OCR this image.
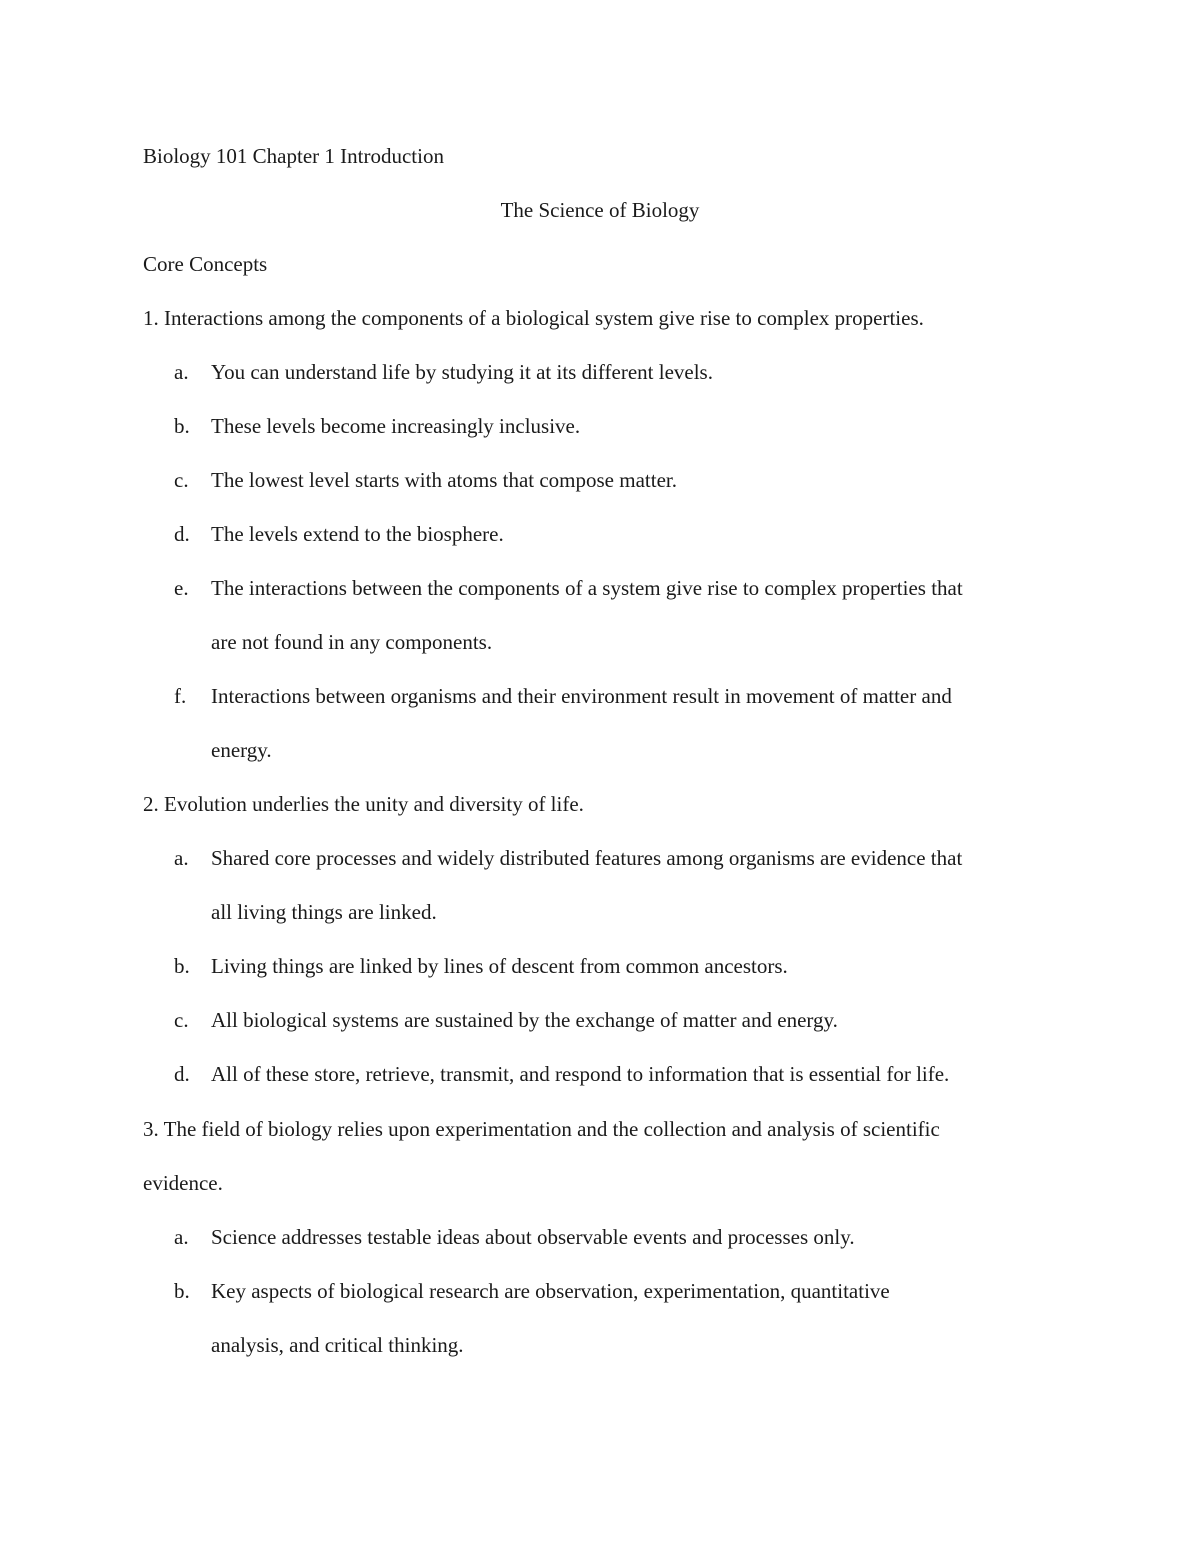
Biology 101 Chapter 1 Introduction
The Science of Biology
Core Concepts
1. Interactions among the components of a biological system give rise to complex properties.
a. You can understand life by studying it at its different levels.
b. These levels become increasingly inclusive.
c. The lowest level starts with atoms that compose matter.
d. The levels extend to the biosphere.
e. The interactions between the components of a system give rise to complex properties that
are not found in any components.
f. Interactions between organisms and their environment result in movement of matter and
energy.
2. Evolution underlies the unity and diversity of life.
a. Shared core processes and widely distributed features among organisms are evidence that
all living things are linked.
b. Living things are linked by lines of descent from common ancestors.
c. All biological systems are sustained by the exchange of matter and energy.
d. All of these store, retrieve, transmit, and respond to information that is essential for life.
3. The field of biology relies upon experimentation and the collection and analysis of scientific
evidence.
a. Science addresses testable ideas about observable events and processes only.
b. Key aspects of biological research are observation, experimentation, quantitative
analysis, and critical thinking.
